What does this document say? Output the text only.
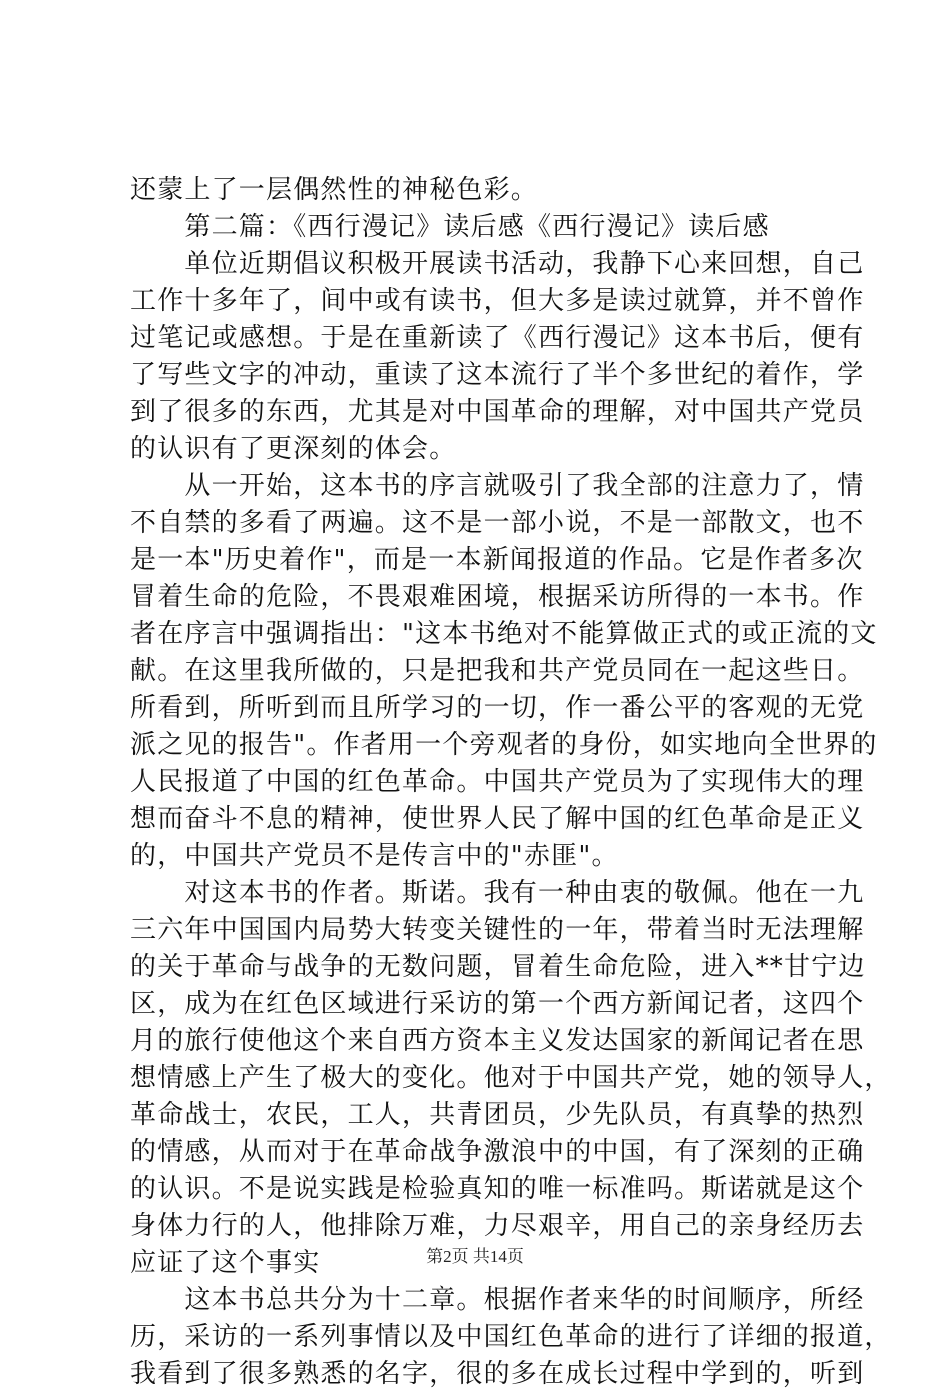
还蒙上了一层偶然性的神秘色彩。
　　第二篇：《西行漫记》读后感《西行漫记》读后感
　　单位近期倡议积极开展读书活动，我静下心来回想，自己
工作十多年了，间中或有读书，但大多是读过就算，并不曾作
过笔记或感想。于是在重新读了《西行漫记》这本书后，便有
了写些文字的冲动，重读了这本流行了半个多世纪的着作，学
到了很多的东西，尤其是对中国革命的理解，对中国共产党员
的认识有了更深刻的体会。
　　从一开始，这本书的序言就吸引了我全部的注意力了，情
不自禁的多看了两遍。这不是一部小说，不是一部散文，也不
是一本"历史着作"，而是一本新闻报道的作品。它是作者多次
冒着生命的危险，不畏艰难困境，根据采访所得的一本书。作
者在序言中强调指出："这本书绝对不能算做正式的或正流的文
献。在这里我所做的，只是把我和共产党员同在一起这些日。
所看到，所听到而且所学习的一切，作一番公平的客观的无党
派之见的报告"。作者用一个旁观者的身份，如实地向全世界的
人民报道了中国的红色革命。中国共产党员为了实现伟大的理
想而奋斗不息的精神，使世界人民了解中国的红色革命是正义
的，中国共产党员不是传言中的"赤匪"。
　　对这本书的作者。斯诺。我有一种由衷的敬佩。他在一九
三六年中国国内局势大转变关键性的一年，带着当时无法理解
的关于革命与战争的无数问题，冒着生命危险，进入**甘宁边
区，成为在红色区域进行采访的第一个西方新闻记者，这四个
月的旅行使他这个来自西方资本主义发达国家的新闻记者在思
想情感上产生了极大的变化。他对于中国共产党，她的领导人，
革命战士，农民，工人，共青团员，少先队员，有真挚的热烈
的情感，从而对于在革命战争激浪中的中国，有了深刻的正确
的认识。不是说实践是检验真知的唯一标准吗。斯诺就是这个
身体力行的人，他排除万难，力尽艰辛，用自己的亲身经历去
应证了这个事实
　　这本书总共分为十二章。根据作者来华的时间顺序，所经
历，采访的一系列事情以及中国红色革命的进行了详细的报道，
我看到了很多熟悉的名字，很的多在成长过程中学到的，听到
第2页 共14页
